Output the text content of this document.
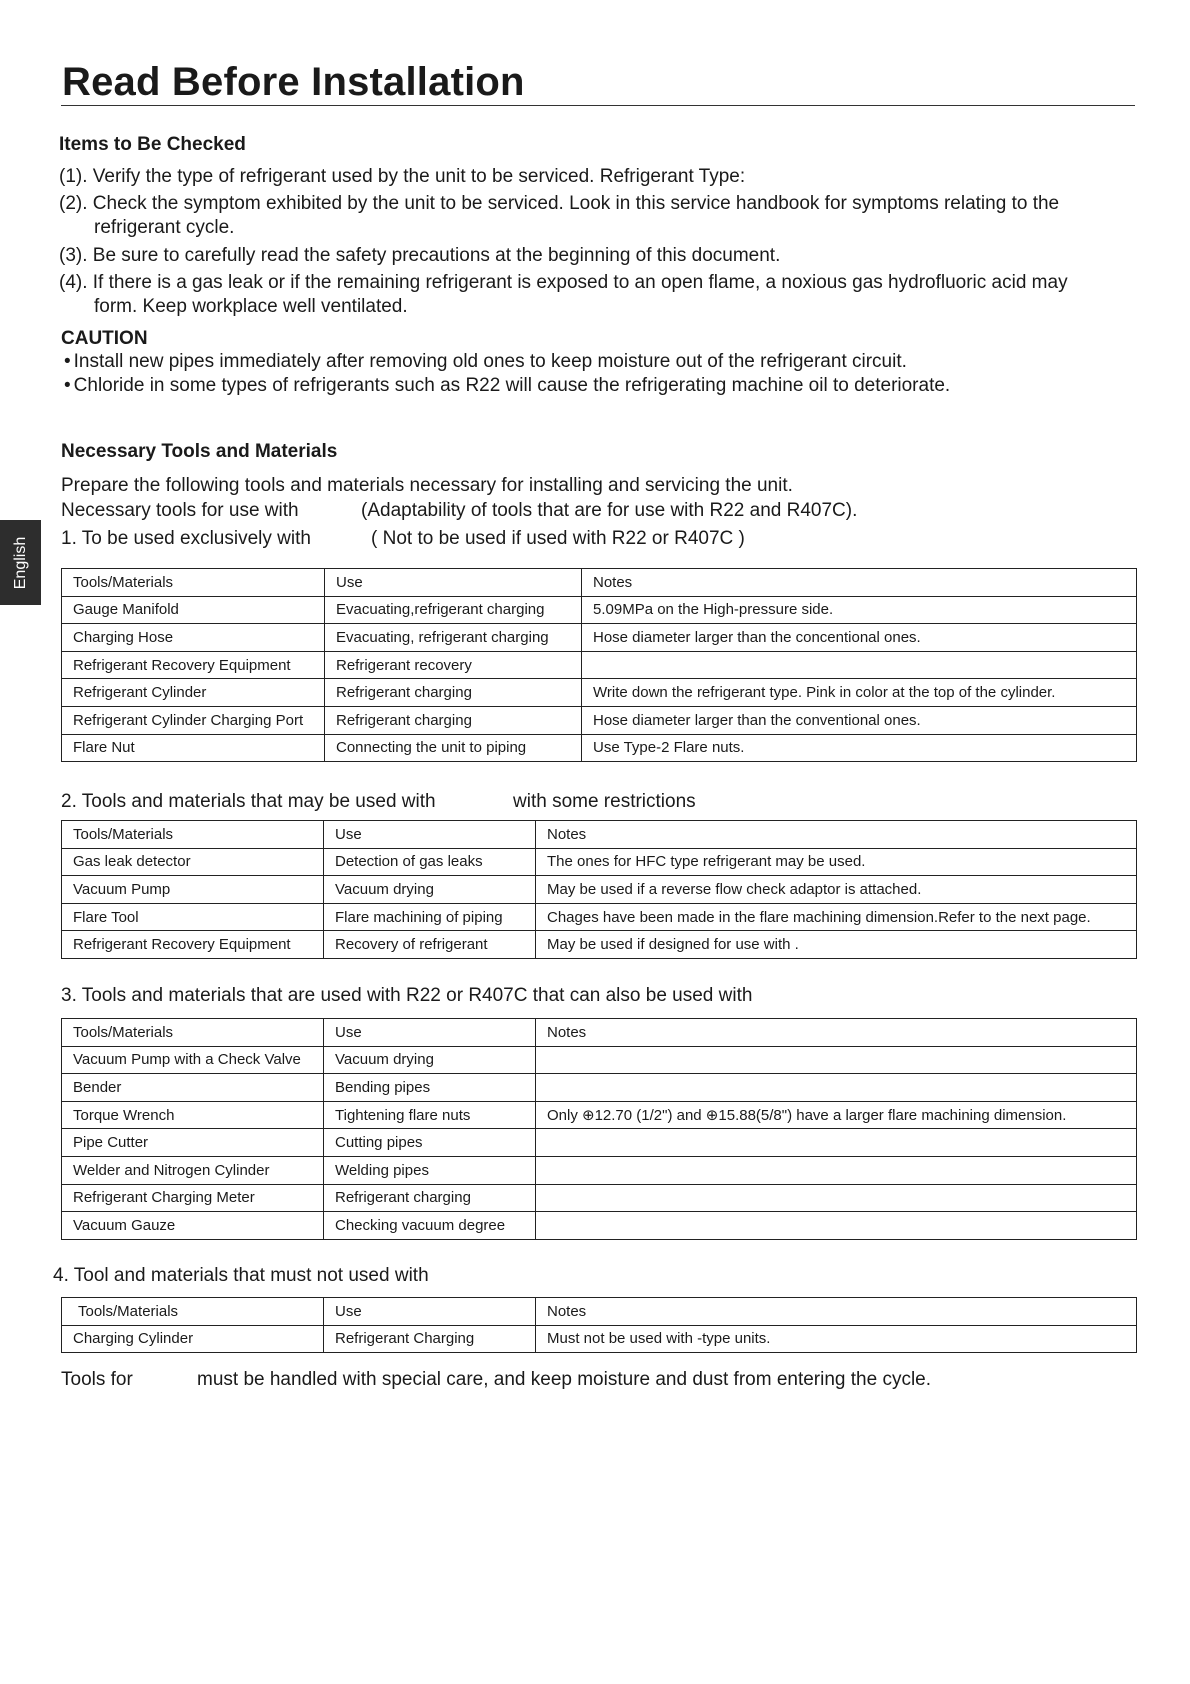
Read Before Installation
English
Items to Be Checked
(1). Verify the type of refrigerant used by the unit to be serviced. Refrigerant Type:
(2). Check the symptom exhibited by the unit to be serviced. Look in this service handbook for symptoms relating to the
refrigerant cycle.
(3). Be sure to carefully read the safety precautions at the beginning of this document.
(4). If there is a gas leak or if the remaining refrigerant is exposed to an open flame, a noxious gas hydrofluoric acid may
form. Keep workplace well ventilated.
CAUTION
• Install new pipes immediately after removing old ones to keep moisture out of the refrigerant circuit.
• Chloride in some types of refrigerants such as R22 will cause the refrigerating machine oil to deteriorate.
Necessary Tools and Materials
Prepare the following tools and materials necessary for installing and servicing the unit.
Necessary tools for use with	(Adaptability of tools that are for use with R22 and R407C).
1. To be used exclusively with	( Not to be used if used with R22 or R407C )
Tools/Materials	Use	Notes
Gauge Manifold	Evacuating,refrigerant charging	5.09MPa on the High-pressure side.
Charging Hose	Evacuating, refrigerant charging	Hose diameter larger than the concentional ones.
Refrigerant Recovery Equipment	Refrigerant recovery	
Refrigerant Cylinder	Refrigerant charging	Write down the refrigerant type. Pink in color at the top of the cylinder.
Refrigerant Cylinder Charging Port	Refrigerant charging	Hose diameter larger than the conventional ones.
Flare Nut	Connecting the unit to piping	Use Type-2 Flare nuts.
2. Tools and materials that may be used with	with some restrictions
Tools/Materials	Use	Notes
Gas leak detector	Detection of gas leaks	The ones for HFC type refrigerant may be used.
Vacuum Pump	Vacuum drying	May be used if a reverse flow check adaptor is attached.
Flare Tool	Flare machining of piping	Chages have been made in the flare machining dimension.Refer to the next page.
Refrigerant Recovery Equipment	Recovery of refrigerant	May be used if designed for use with .
3. Tools and materials that are used with R22 or R407C that can also be used with
Tools/Materials	Use	Notes
Vacuum Pump with a Check Valve	Vacuum drying	
Bender	Bending pipes	
Torque Wrench	Tightening flare nuts	Only ⊕12.70 (1/2") and ⊕15.88(5/8") have a larger flare machining dimension.
Pipe Cutter	Cutting pipes	
Welder and Nitrogen Cylinder	Welding pipes	
Refrigerant Charging Meter	Refrigerant charging	
Vacuum Gauze	Checking vacuum degree	
4. Tool and materials that must not used with
Tools/Materials	Use	Notes
Charging Cylinder	Refrigerant Charging	Must not be used with -type units.
Tools for	must be handled with special care, and keep moisture and dust from entering the cycle.
